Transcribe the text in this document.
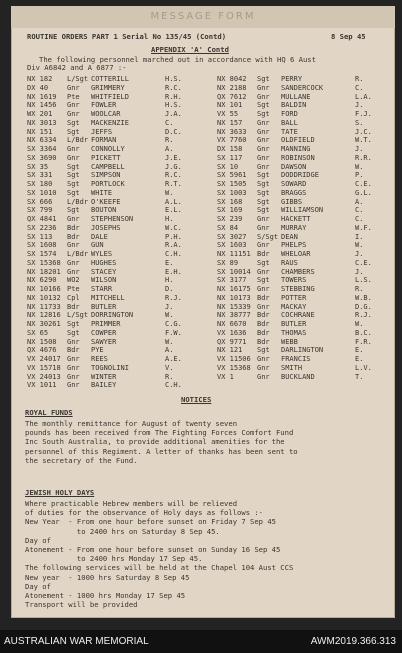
MESSAGE FORM
ROUTINE ORDERS PART 1 Serial No 135/45 (Contd)	8 Sep 45
APPENDIX 'A' Contd
The following personnel marched out in accordance with HQ 6 Aust
Div A6842 and A 6877 :-
NX 182 L/Sgt COTTERILL	H.S.
DX 40	Gnr GRIMMERY	R.C.
NX 1619 Pte WHITFIELD	R.H.
NX 1456 Gnr FOWLER	H.S.
WX 201 Gnr WOOLCAR	J.A.
NX 3013 Sgt MACKENZIE	C.
NX 151 Sgt JEFFS	D.C.
NX 6334 L/Bdr FORMAN	R.
SX 3364 Gnr CONNOLLY	A.
SX 3690 Gnr PICKETT	J.E.
SX 35	Sgt CAMPBELL	J.G.
SX 331 Sgt SIMPSON	R.C.
SX 180 Sgt PORTLOCK	R.T.
SX 1010 Sgt WHITE	W.
SX 666 L/Bdr O'KEEFE	A.L.
SX 799 Sgt BOUTON	E.L.
QX 4841 Gnr STEPHENSON	H.
SX 2236 Bdr JOSEPHS	W.C.
SX 113 Bdr DALE	P.H.
SX 1608 Gnr GUN	R.A.
SX 1574 L/Bdr WYLES	C.H.
SX 15368 Gnr HUGHES	E.
NX 18201 Gnr STACEY	E.H.
NX 6290 WO2 WILSON	H.
NX 10166 Pte STARR	D.
NX 10132 Cpl MITCHELL	R.J.
NX 11733 Bdr BUTLER	J.
NX 12816 L/Sgt DORRINGTON	W.
NX 30261 Sgt PRIMMER	C.G.
SX 65	Sgt COWPER	F.W.
NX 1508 Gnr SAWYER	W.
QX 4676 Bdr PYE	A.
VX 24017 Gnr REES	A.E.
VX 15718 Gnr TOGNOLINI	V.
VX 24013 Gnr WINTER	R.
VX 1011 Gnr BAILEY	C.H.
NX 8042 Sgt PERRY	R.
NX 2188 Gnr SANDERCOCK	C.
QX 7612 Gnr MULLANE	L.A.
NX 101 Sgt BALDIN	J.
VX 55	Sgt FORD	F.J.
NX 157 Gnr BALL	S.
NX 3633 Gnr TATE	J.C.
VX 7760 Gnr OLDFIELD	W.T.
DX 158 Gnr MANNING	J.
SX 117 Gnr ROBINSON	R.R.
SX 10	Gnr DAWSON	W.
SX 5961 Sgt DODDRIDGE	P.
SX 1505 Sgt SOWARD	C.E.
SX 1003 Sgt BRAGGS	G.L.
SX 168 Sgt GIBBS	A.
SX 169 Sgt WILLIAMSON	C.
SX 239 Gnr HACKETT	C.
SX 84	Gnr MURRAY	W.F.
SX 3027 S/Sgt DEAN	I.
SX 1603 Gnr PHELPS	W.
NX 11151 Bdr WHELOAR	J.
SX 89	Sgt RAUS	C.E.
SX 10014 Gnr CHAMBERS	J.
SX 3177 Sgt TOWERS	L.S.
NX 16175 Gnr STEBBING	R.
NX 10173 Bdr POTTER	W.B.
NX 15339 Gnr MACKAY	D.G.
NX 38777 Bdr COCHRANE	R.J.
NX 6670 Bdr BUTLER	W.
VX 1636 Bdr THOMAS	B.C.
QX 9771 Bdr WEBB	F.R.
NX 121 Sgt DARLINGTON	E.
VX 11506 Gnr FRANCIS	E.
VX 15368 Gnr SMITH	L.V.
VX 1	Gnr BUCKLAND	T.
NOTICES
ROYAL FUNDS
The monthly remittance for August of twenty seven
pounds has been received from The Fighting Forces Comfort Fund
Inc South Australia, to provide additional amenities for the
personnel of this Regiment. A letter of thanks has been sent to
the secretary of the Fund.
JEWISH HOLY DAYS
Where practicable Hebrew members will be relieved
of duties for the observance of Holy days as follows :-
New Year  - From one hour before sunset on Friday 7 Sep 45
to 2400 hrs on Saturday 8 Sep 45.
Day of
Atonement - From one hour before sunset on Sunday 16 Sep 45
to 2400 hrs Monday 17 Sep 45.
The following services will be held at the Chapel 104 Aust CCS
New year  - 1000 hrs Saturday 8 Sep 45
Day of
Atonement - 1000 hrs Monday 17 Sep 45
Transport will be provided
AUSTRALIAN WAR MEMORIAL	AWM2019.366.313
